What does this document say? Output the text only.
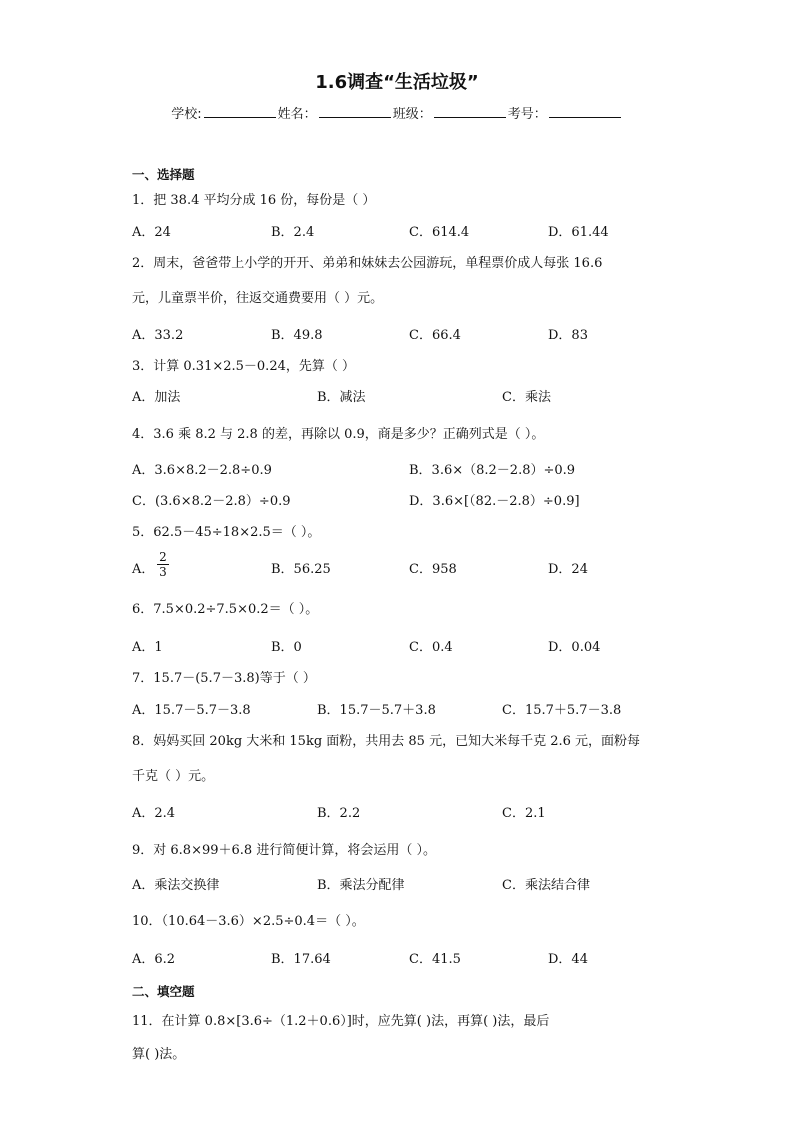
1.6调查“生活垃圾”
学校:	姓名：	班级：	考号：
一、选择题
1．把 38.4 平均分成 16 份，每份是（ ）
A．24	B．2.4	C．614.4	D．61.44
2．周末，爸爸带上小学的开开、弟弟和妹妹去公园游玩，单程票价成人每张 16.6
元，儿童票半价，往返交通费要用（ ）元。
A．33.2	B．49.8	C．66.4	D．83
3．计算 0.31×2.5－0.24，先算（ ）
A．加法	B．减法	C．乘法
4．3.6 乘 8.2 与 2.8 的差，再除以 0.9，商是多少？正确列式是（ ）。
A．3.6×8.2－2.8÷0.9	B．3.6×（8.2－2.8）÷0.9
C．(3.6×8.2－2.8）÷0.9	D．3.6×[（82.－2.8）÷0.9]
5．62.5－45÷18×2.5＝（ ）。
A． $\frac{2}{3}$	B．56.25	C．958	D．24
6．7.5×0.2÷7.5×0.2＝（ ）。
A．1	B．0	C．0.4	D．0.04
7．15.7－(5.7－3.8)等于（ ）
A．15.7－5.7－3.8	B．15.7－5.7＋3.8	C．15.7＋5.7－3.8
8．妈妈买回 20kg 大米和 15kg 面粉，共用去 85 元，已知大米每千克 2.6 元，面粉每
千克（ ）元。
A．2.4	B．2.2	C．2.1
9．对 6.8×99＋6.8 进行简便计算，将会运用（ ）。
A．乘法交换律	B．乘法分配律	C．乘法结合律
10．（10.64－3.6）×2.5÷0.4＝（ ）。
A．6.2	B．17.64	C．41.5	D．44
二、填空题
11．在计算 0.8×[3.6÷（1.2＋0.6）]时，应先算( )法，再算( )法，最后
算( )法。
